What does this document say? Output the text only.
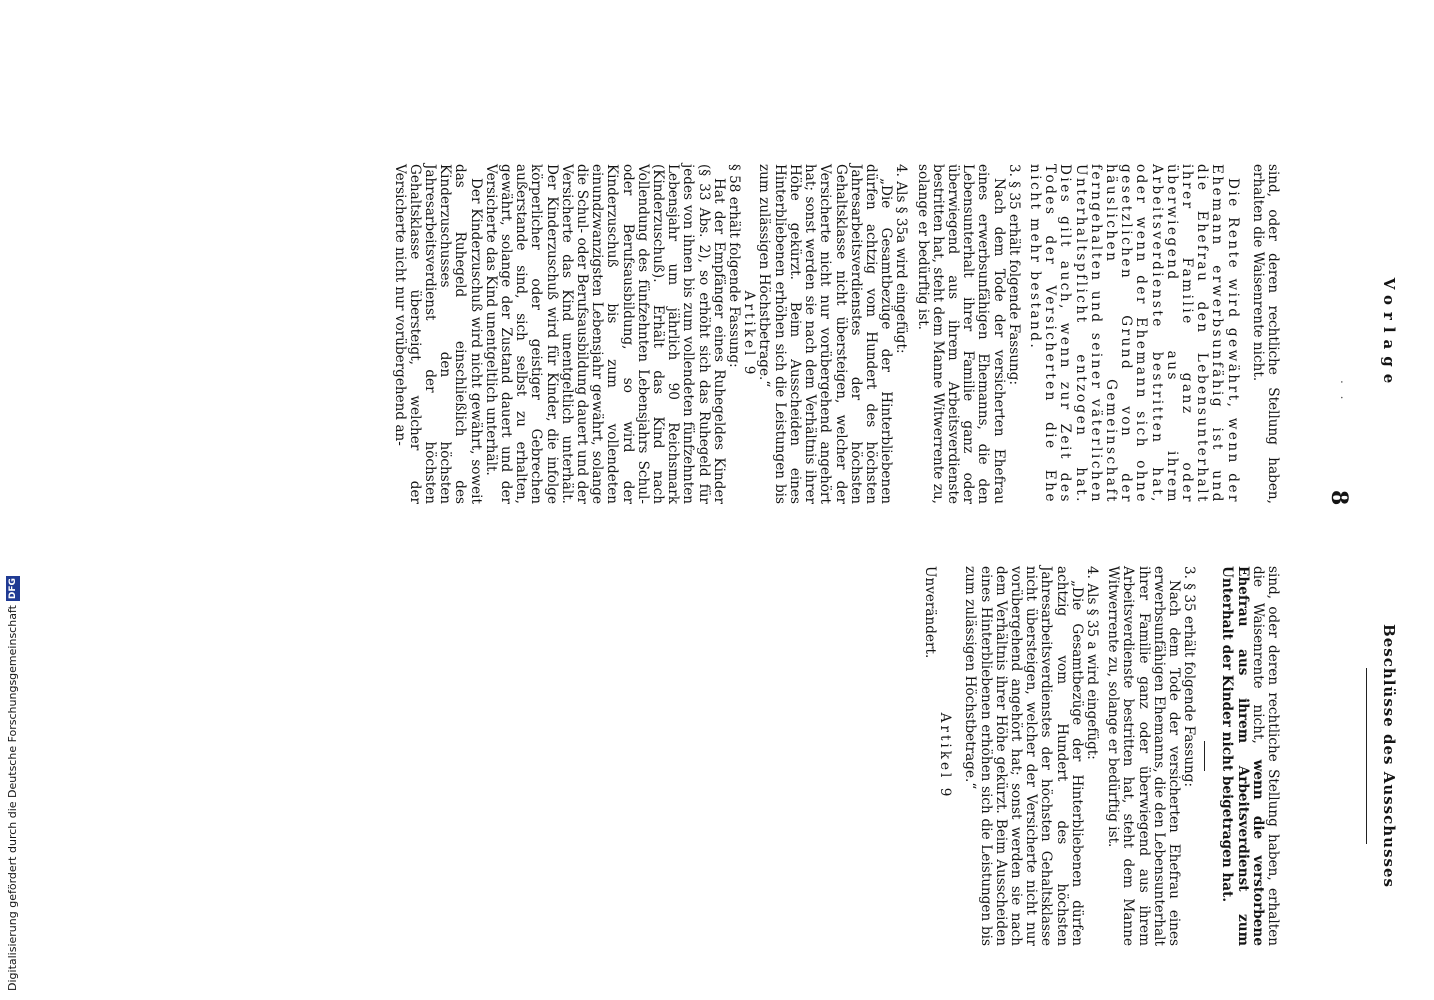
. .
Vorlage
8
Beschlüsse des Ausschusses

sind, oder deren rechtliche Stellung haben, erhalten die Waisenrente nicht.

Die Rente wird gewährt, wenn der Ehemann erwerbsunfähig ist und die Ehefrau den Lebensunterhalt ihrer Familie ganz oder überwiegend aus ihrem Arbeitsverdienste bestritten hat, oder wenn der Ehemann sich ohne gesetzlichen Grund von der häuslichen Gemeinschaft ferngehalten und seiner väterlichen Unterhaltspflicht entzogen hat. Dies gilt auch, wenn zur Zeit des Todes der Versicherten die Ehe nicht mehr bestand.

3. § 35 erhält folgende Fassung:

Nach dem Tode der versicherten Ehefrau eines erwerbsunfähigen Ehemanns, die den Lebensunterhalt ihrer Familie ganz oder überwiegend aus ihrem Arbeitsverdienste bestritten hat, steht dem Manne Witwerrente zu, solange er bedürftig ist.

4. Als § 35a wird eingefügt:

„Die Gesamtbezüge der Hinterbliebenen dürfen achtzig vom Hundert des höchsten Jahresarbeitsverdienstes der höchsten Gehaltsklasse nicht übersteigen, welcher der Versicherte nicht nur vorübergehend angehört hat; sonst werden sie nach dem Verhältnis ihrer Höhe gekürzt. Beim Ausscheiden eines Hinterbliebenen erhöhen sich die Leistungen bis zum zulässigen Höchstbetrage.“

Artikel 9

§ 58 erhält folgende Fassung:

Hat der Empfänger eines Ruhegeldes Kinder (§ 33 Abs. 2), so erhöht sich das Ruhegeld für jedes von ihnen bis zum vollendeten fünfzehnten Lebensjahr um jährlich 90 Reichsmark (Kinderzuschuß). Erhält das Kind nach Vollendung des fünfzehnten Lebensjahrs Schul- oder Berufsausbildung, so wird der Kinderzuschuß bis zum vollendeten einundzwanzigsten Lebensjahr gewährt, solange die Schul- oder Berufsausbildung dauert und der Versicherte das Kind unentgeltlich unterhält. Der Kinderzuschuß wird für Kinder, die infolge körperlicher oder geistiger Gebrechen außerstande sind, sich selbst zu erhalten, gewährt, solange der Zustand dauert und der Versicherte das Kind unentgeltlich unterhält.

Der Kinderzuschuß wird nicht gewährt, soweit das Ruhegeld einschließlich des Kinderzuschusses den höchsten Jahresarbeitsverdienst der höchsten Gehaltsklasse übersteigt, welcher der Versicherte nicht nur vorübergehend an-

sind, oder deren rechtliche Stellung haben, erhalten die Waisenrente nicht, wenn die verstorbene Ehefrau aus ihrem Arbeitsverdienst zum Unterhalt der Kinder nicht beigetragen hat.

3. § 35 erhält folgende Fassung:

Nach dem Tode der versicherten Ehefrau eines erwerbsunfähigen Ehemanns, die den Lebensunterhalt ihrer Familie ganz oder überwiegend aus ihrem Arbeitsverdienste bestritten hat, steht dem Manne Witwerrente zu, solange er bedürftig ist.

4. Als § 35 a wird eingefügt:

„Die Gesamtbezüge der Hinterbliebenen dürfen achtzig vom Hundert des höchsten Jahresarbeitsverdienstes der höchsten Gehaltsklasse nicht übersteigen, welcher der Versicherte nicht nur vorübergehend angehört hat; sonst werden sie nach dem Verhältnis ihrer Höhe gekürzt. Beim Ausscheiden eines Hinterbliebenen erhöhen sich die Leistungen bis zum zulässigen Höchstbetrage.“

Artikel 9

Unverändert.

Digitalisierung gefördert durch die Deutsche ForschungsgemeinschaftDFG
